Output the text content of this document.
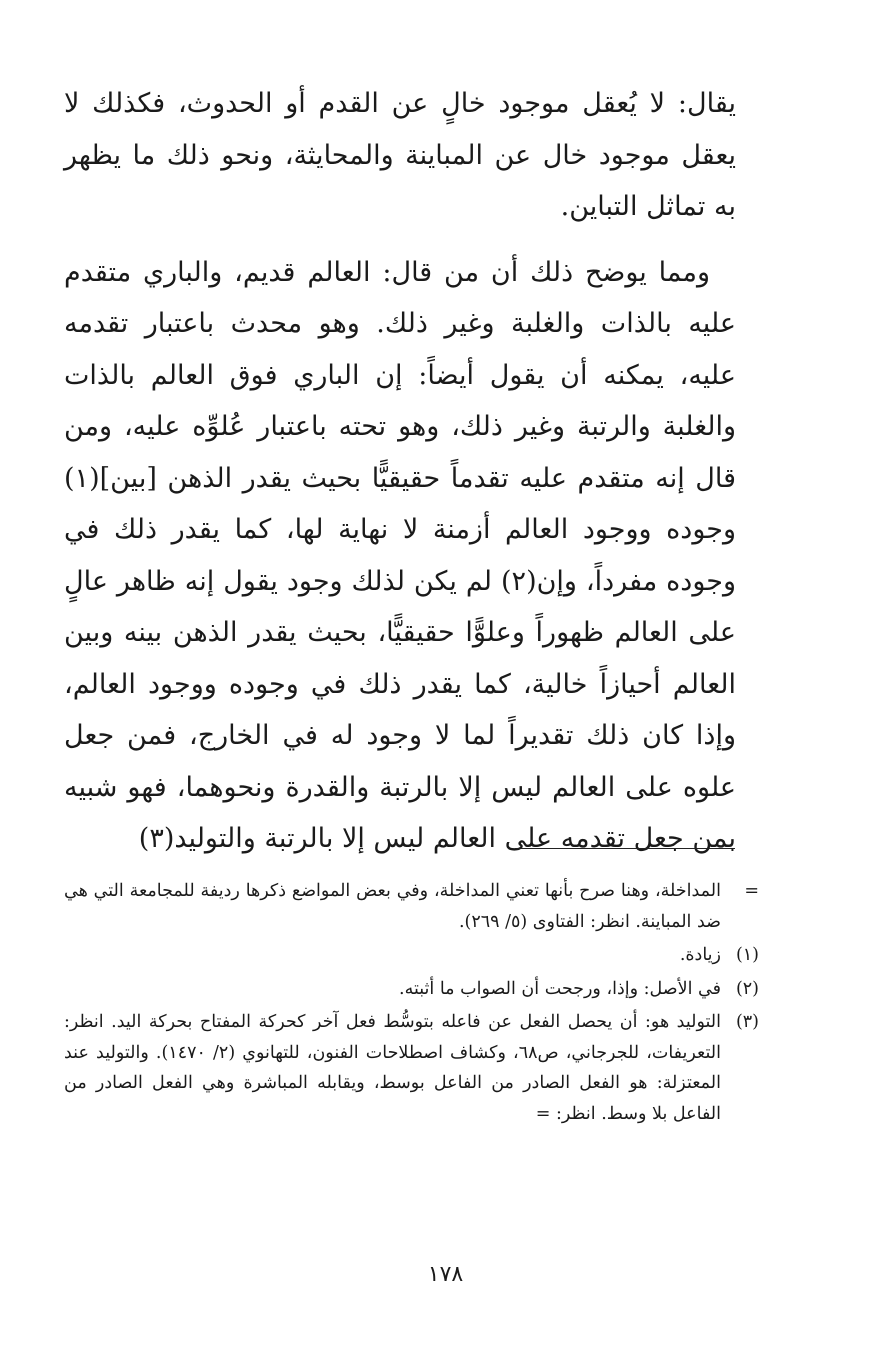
يقال: لا يُعقل موجود خالٍ عن القدم أو الحدوث، فكذلك لا يعقل موجود خال عن المباينة والمحايثة، ونحو ذلك ما يظهر به تماثل التباين.

ومما يوضح ذلك أن من قال: العالم قديم، والباري متقدم عليه بالذات والغلبة وغير ذلك. وهو محدث باعتبار تقدمه عليه، يمكنه أن يقول أيضاً: إن الباري فوق العالم بالذات والغلبة والرتبة وغير ذلك، وهو تحته باعتبار عُلوِّه عليه، ومن قال إنه متقدم عليه تقدماً حقيقيًّا بحيث يقدر الذهن [بين](١) وجوده ووجود العالم أزمنة لا نهاية لها، كما يقدر ذلك في وجوده مفرداً، وإن(٢) لم يكن لذلك وجود يقول إنه ظاهر عالٍ على العالم ظهوراً وعلوًّا حقيقيًّا، بحيث يقدر الذهن بينه وبين العالم أحيازاً خالية، كما يقدر ذلك في وجوده ووجود العالم، وإذا كان ذلك تقديراً لما لا وجود له في الخارج، فمن جعل علوه على العالم ليس إلا بالرتبة والقدرة ونحوهما، فهو شبيه بمن جعل تقدمه على العالم ليس إلا بالرتبة والتوليد(٣)

=
المداخلة، وهنا صرح بأنها تعني المداخلة، وفي بعض المواضع ذكرها رديفة للمجامعة التي هي ضد المباينة. انظر: الفتاوى (٥/ ٢٦٩).
(١)
زيادة.
(٢)
في الأصل: وإذا، ورجحت أن الصواب ما أثبته.
(٣)
التوليد هو: أن يحصل الفعل عن فاعله بتوسُّط فعل آخر كحركة المفتاح بحركة اليد. انظر: التعريفات، للجرجاني، ص٦٨، وكشاف اصطلاحات الفنون، للتهانوي (٢/ ١٤٧٠). والتوليد عند المعتزلة: هو الفعل الصادر من الفاعل بوسط، ويقابله المباشرة وهي الفعل الصادر من الفاعل بلا وسط. انظر: =
١٧٨
